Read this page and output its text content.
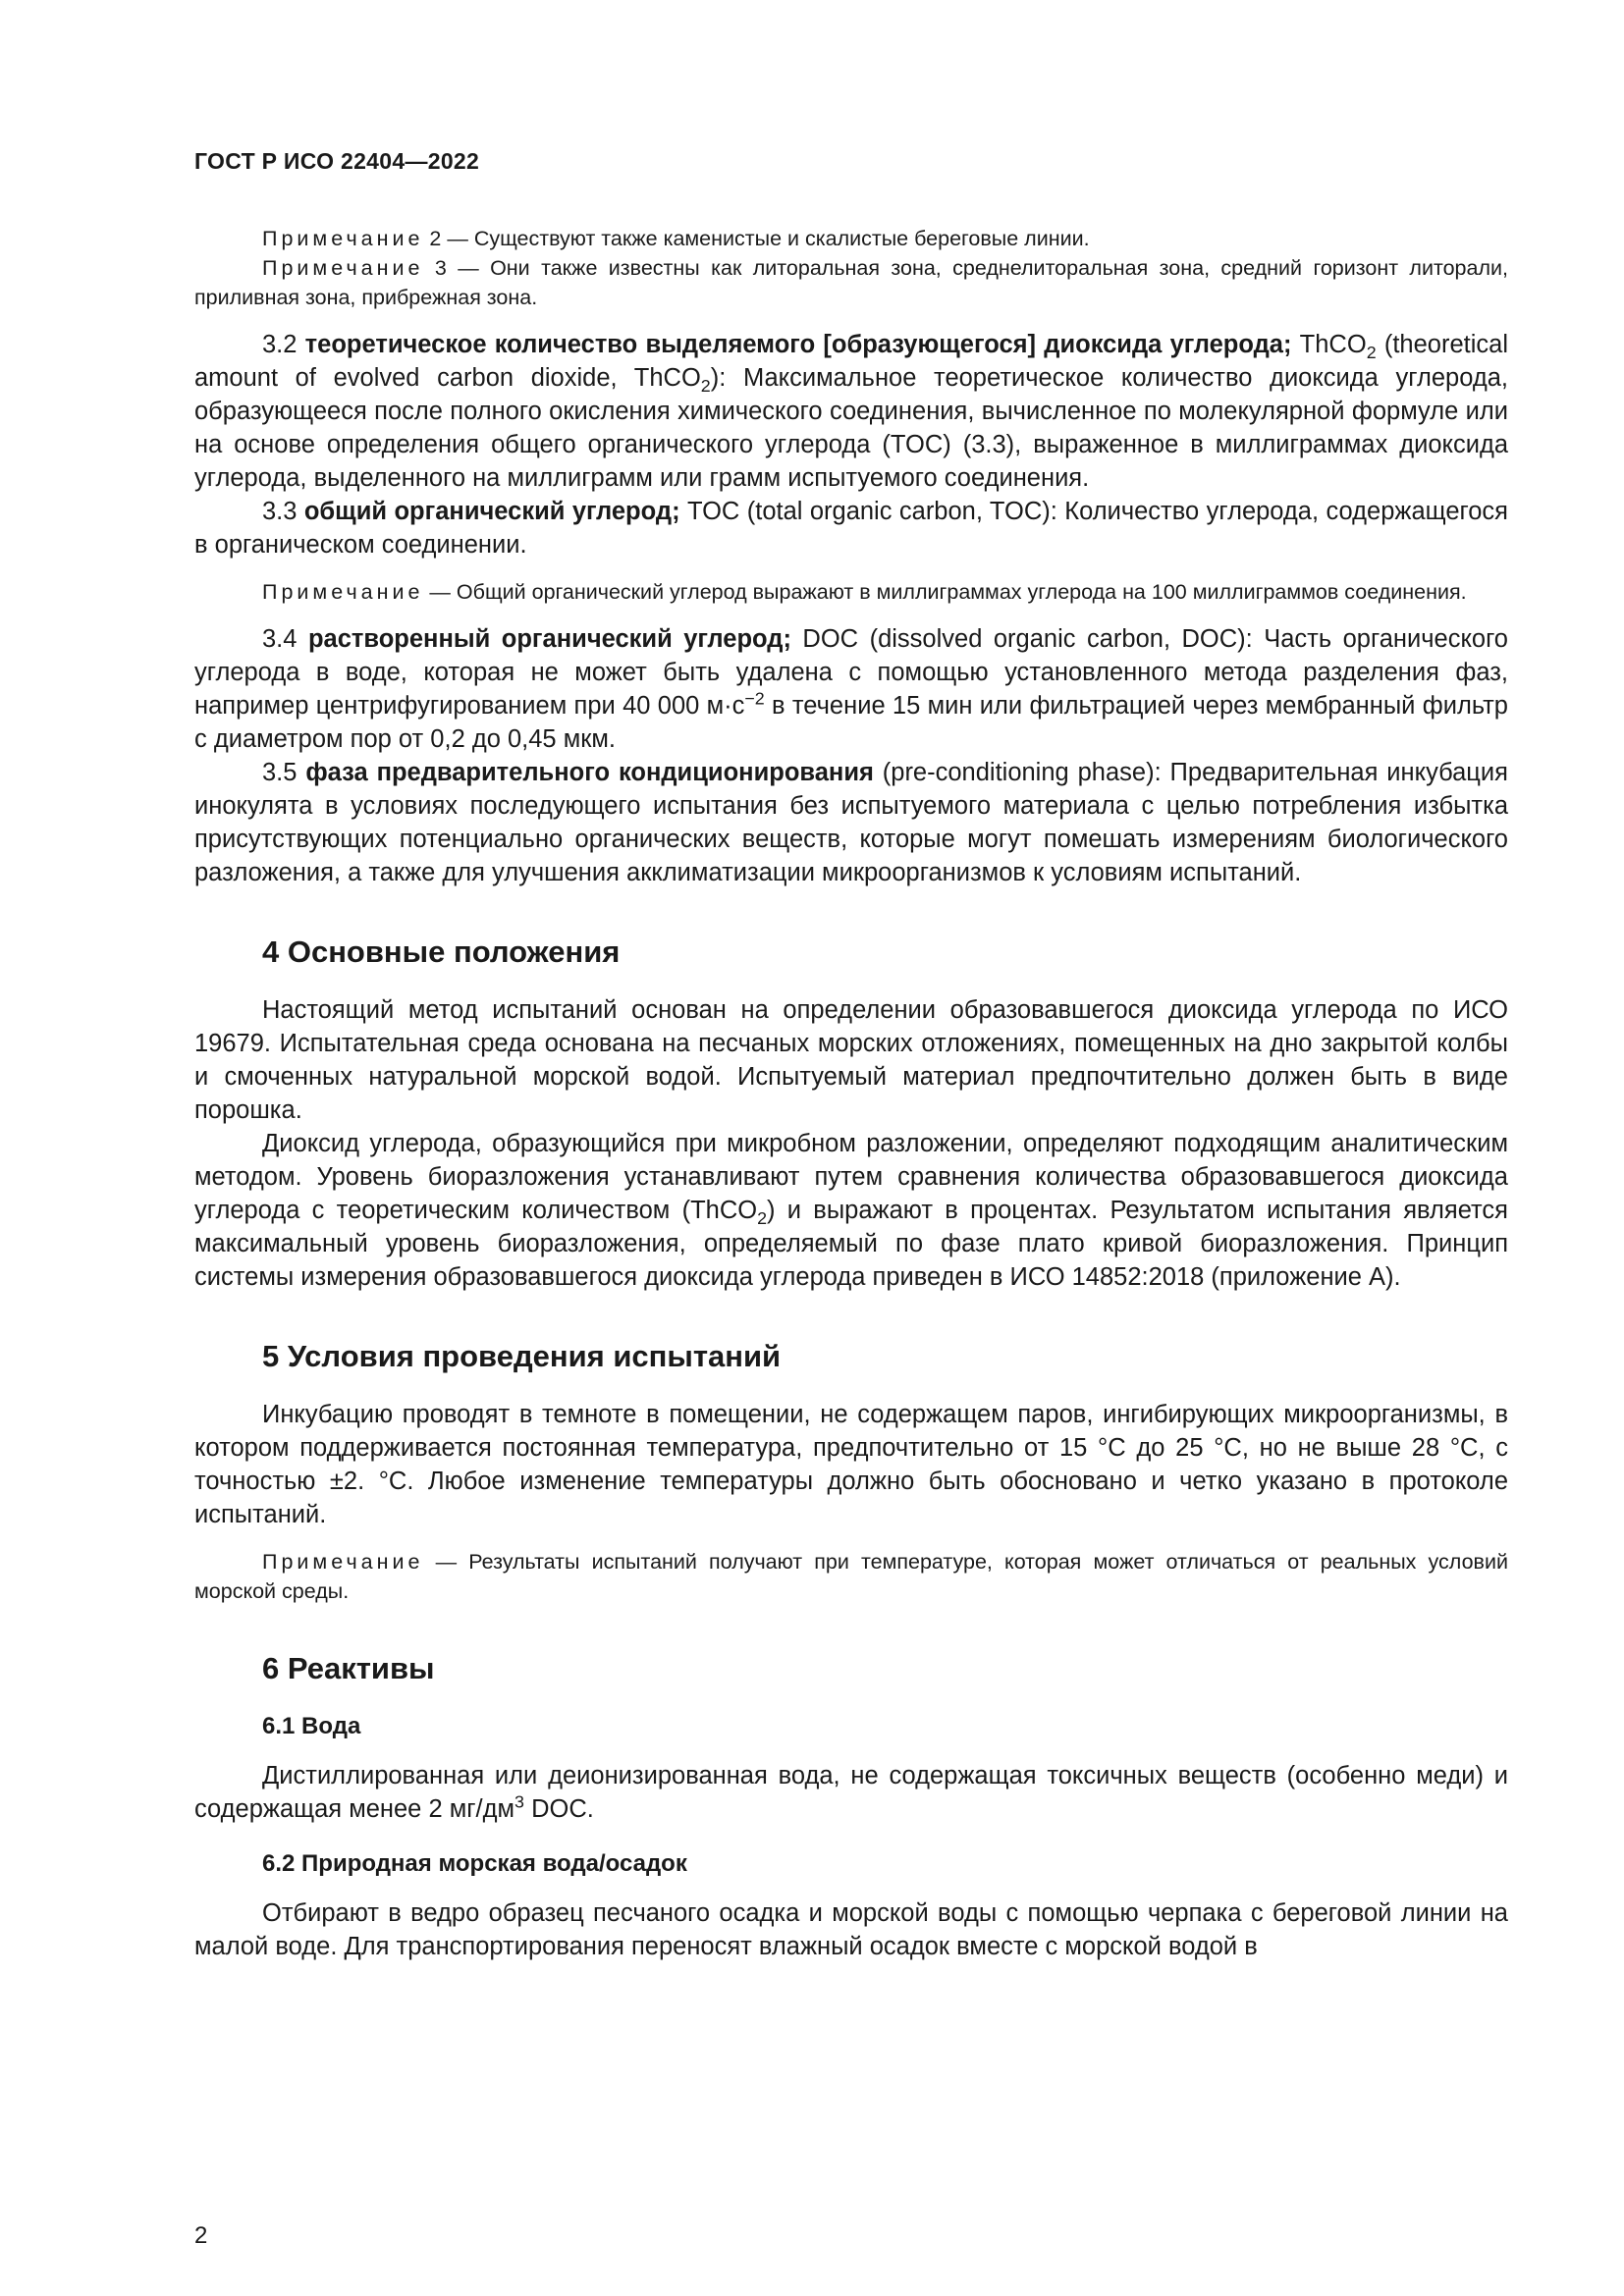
ГОСТ Р ИСО 22404—2022

Примечание 2 — Существуют также каменистые и скалистые береговые линии.

Примечание 3 — Они также известны как литоральная зона, среднелиторальная зона, средний горизонт литорали, приливная зона, прибрежная зона.

3.2 теоретическое количество выделяемого [образующегося] диоксида углерода; ThCO$_2$ (theoretical amount of evolved carbon dioxide, ThCO$_2$): Максимальное теоретическое количество диоксида углерода, образующееся после полного окисления химического соединения, вычисленное по молекулярной формуле или на основе определения общего органического углерода (TOC) (3.3), выраженное в миллиграммах диоксида углерода, выделенного на миллиграмм или грамм испытуемого соединения.

3.3 общий органический углерод; TOC (total organic carbon, TOC): Количество углерода, содержащегося в органическом соединении.

Примечание — Общий органический углерод выражают в миллиграммах углерода на 100 миллиграммов соединения.

3.4 растворенный органический углерод; DOC (dissolved organic carbon, DOC): Часть органического углерода в воде, которая не может быть удалена с помощью установленного метода разделения фаз, например центрифугированием при 40 000 $м\cdot с^{-2}$ в течение 15 мин или фильтрацией через мембранный фильтр с диаметром пор от 0,2 до 0,45 мкм.

3.5 фаза предварительного кондиционирования (pre-conditioning phase): Предварительная инкубация инокулята в условиях последующего испытания без испытуемого материала с целью потребления избытка присутствующих потенциально органических веществ, которые могут помешать измерениям биологического разложения, а также для улучшения акклиматизации микроорганизмов к условиям испытаний.

4 Основные положения

Настоящий метод испытаний основан на определении образовавшегося диоксида углерода по ИСО 19679. Испытательная среда основана на песчаных морских отложениях, помещенных на дно закрытой колбы и смоченных натуральной морской водой. Испытуемый материал предпочтительно должен быть в виде порошка.

Диоксид углерода, образующийся при микробном разложении, определяют подходящим аналитическим методом. Уровень биоразложения устанавливают путем сравнения количества образовавшегося диоксида углерода с теоретическим количеством (ThCO$_2$) и выражают в процентах. Результатом испытания является максимальный уровень биоразложения, определяемый по фазе плато кривой биоразложения. Принцип системы измерения образовавшегося диоксида углерода приведен в ИСО 14852:2018 (приложение А).

5 Условия проведения испытаний

Инкубацию проводят в темноте в помещении, не содержащем паров, ингибирующих микроорганизмы, в котором поддерживается постоянная температура, предпочтительно от 15 °C до 25 °C, но не выше 28 °C, с точностью ±2. °C. Любое изменение температуры должно быть обосновано и четко указано в протоколе испытаний.

Примечание — Результаты испытаний получают при температуре, которая может отличаться от реальных условий морской среды.

6 Реактивы
6.1 Вода

Дистиллированная или деионизированная вода, не содержащая токсичных веществ (особенно меди) и содержащая менее 2 $мг/дм^3$ DOC.

6.2 Природная морская вода/осадок

Отбирают в ведро образец песчаного осадка и морской воды с помощью черпака с береговой линии на малой воде. Для транспортирования переносят влажный осадок вместе с морской водой в

2
